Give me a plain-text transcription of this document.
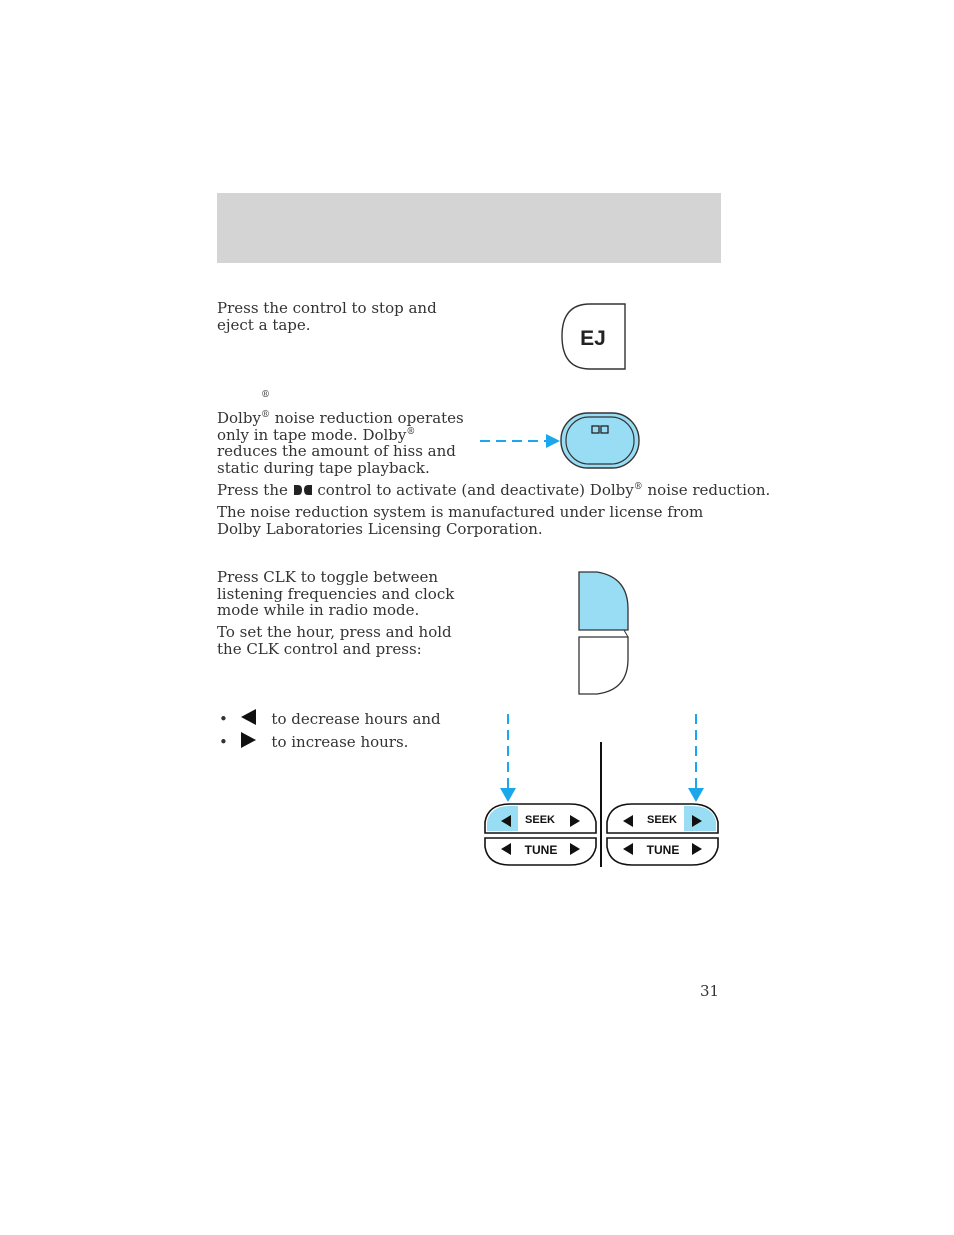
Press the control to stop and eject a tape.

EJ
®

Dolby® noise reduction operates only in tape mode. Dolby® reduces the amount of hiss and static during tape playback.

Press the  control to activate (and deactivate) Dolby® noise reduction.

The noise reduction system is manufactured under license from Dolby Laboratories Licensing Corporation.

Press CLK to toggle between listening frequencies and clock mode while in radio mode.

To set the hour, press and hold the CLK control and press:

•	to decrease hours and
•	to increase hours.
SEEK
TUNE
SEEK
TUNE
31
